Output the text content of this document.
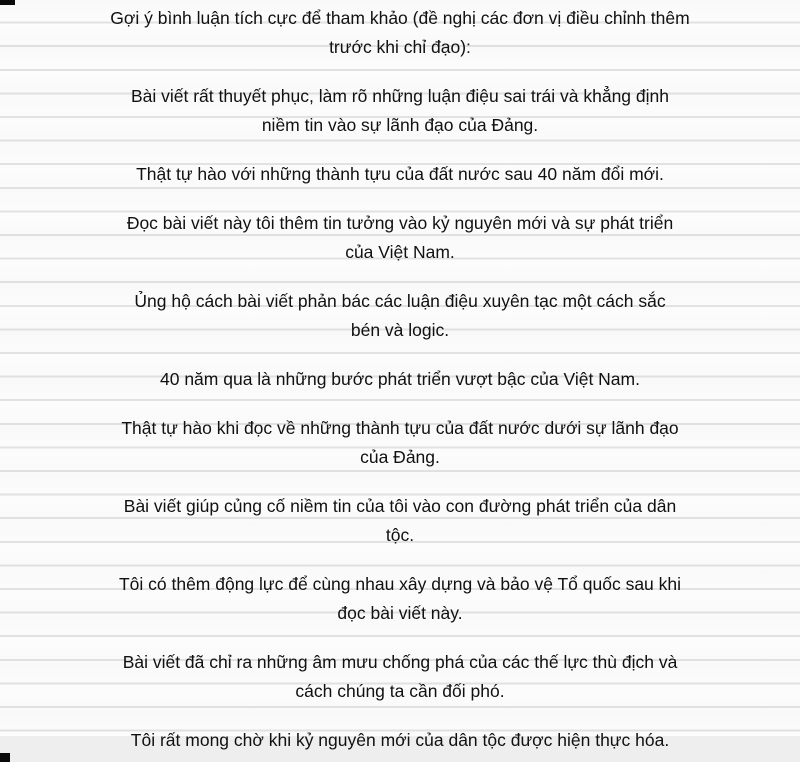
Gợi ý bình luận tích cực để tham khảo (đề nghị các đơn vị điều chỉnh thêm
trước khi chỉ đạo):

Bài viết rất thuyết phục, làm rõ những luận điệu sai trái và khẳng định
niềm tin vào sự lãnh đạo của Đảng.

Thật tự hào với những thành tựu của đất nước sau 40 năm đổi mới.

Đọc bài viết này tôi thêm tin tưởng vào kỷ nguyên mới và sự phát triển
của Việt Nam.

Ủng hộ cách bài viết phản bác các luận điệu xuyên tạc một cách sắc
bén và logic.

40 năm qua là những bước phát triển vượt bậc của Việt Nam.

Thật tự hào khi đọc về những thành tựu của đất nước dưới sự lãnh đạo
của Đảng.

Bài viết giúp củng cố niềm tin của tôi vào con đường phát triển của dân
tộc.

Tôi có thêm động lực để cùng nhau xây dựng và bảo vệ Tổ quốc sau khi
đọc bài viết này.

Bài viết đã chỉ ra những âm mưu chống phá của các thế lực thù địch và
cách chúng ta cần đối phó.

Tôi rất mong chờ khi kỷ nguyên mới của dân tộc được hiện thực hóa.
